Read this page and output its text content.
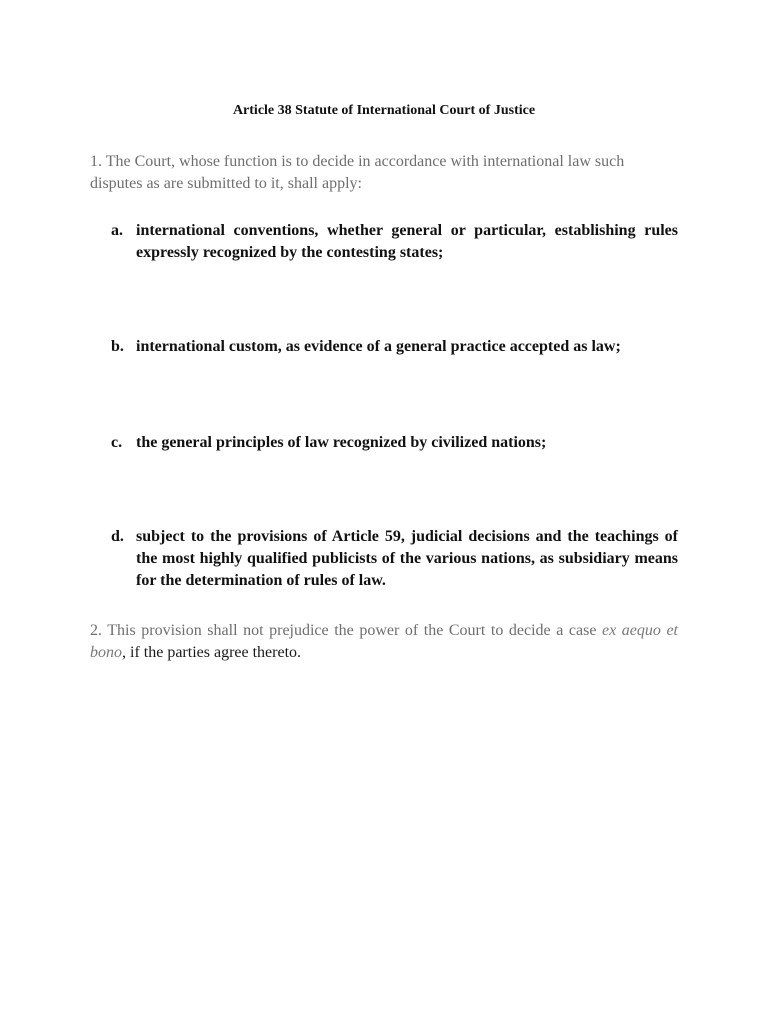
Article 38 Statute of International Court of Justice
1. The Court, whose function is to decide in accordance with international law such disputes as are submitted to it, shall apply:
a. international conventions, whether general or particular, establishing rules expressly recognized by the contesting states;
b. international custom, as evidence of a general practice accepted as law;
c. the general principles of law recognized by civilized nations;
d. subject to the provisions of Article 59, judicial decisions and the teachings of the most highly qualified publicists of the various nations, as subsidiary means for the determination of rules of law.
2. This provision shall not prejudice the power of the Court to decide a case ex aequo et bono, if the parties agree thereto.
